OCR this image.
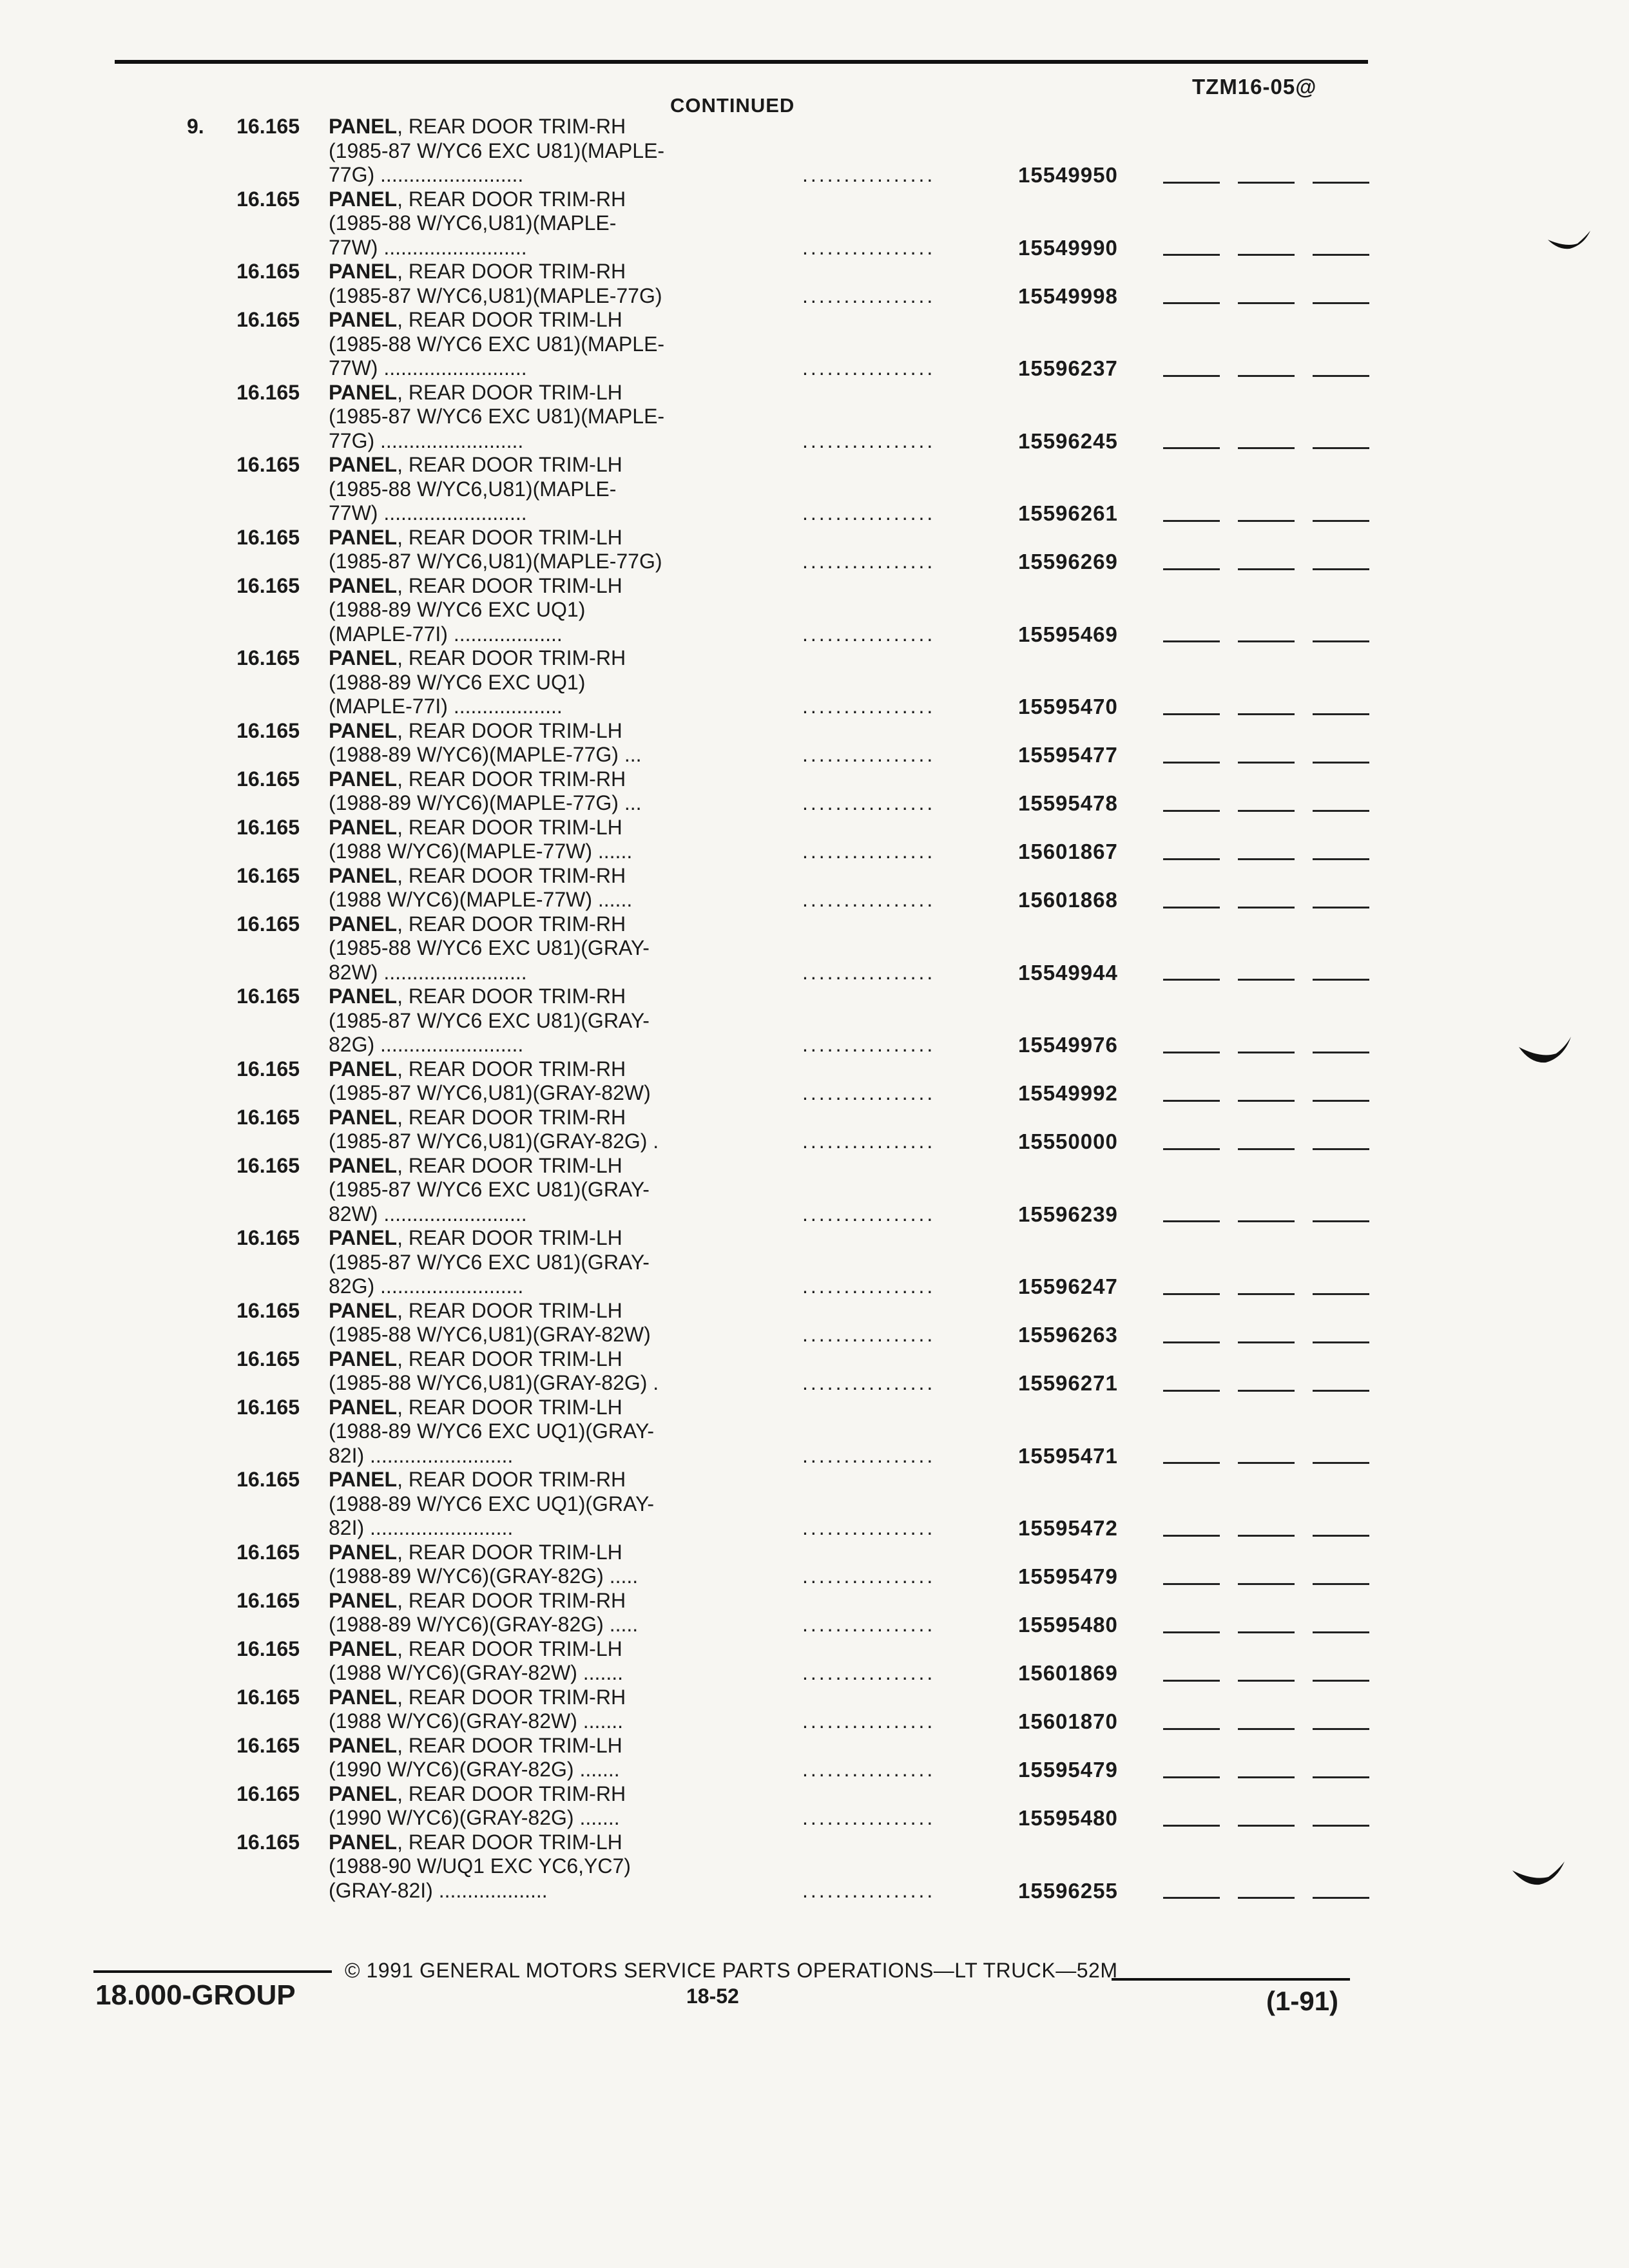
CONTINUED
TZM16-05@
9.	16.165 PANEL, REAR DOOR TRIM-RH
(1985-87 W/YC6 EXC U81)(MAPLE-
77G) .........................	................	15549950
16.165 PANEL, REAR DOOR TRIM-RH
(1985-88 W/YC6,U81)(MAPLE-
77W) .........................	................	15549990
16.165 PANEL, REAR DOOR TRIM-RH
(1985-87 W/YC6,U81)(MAPLE-77G)	................	15549998
16.165 PANEL, REAR DOOR TRIM-LH
(1985-88 W/YC6 EXC U81)(MAPLE-
77W) .........................	................	15596237
16.165 PANEL, REAR DOOR TRIM-LH
(1985-87 W/YC6 EXC U81)(MAPLE-
77G) .........................	................	15596245
16.165 PANEL, REAR DOOR TRIM-LH
(1985-88 W/YC6,U81)(MAPLE-
77W) .........................	................	15596261
16.165 PANEL, REAR DOOR TRIM-LH
(1985-87 W/YC6,U81)(MAPLE-77G)	................	15596269
16.165 PANEL, REAR DOOR TRIM-LH
(1988-89 W/YC6 EXC UQ1)
(MAPLE-77I) ...................	................	15595469
16.165 PANEL, REAR DOOR TRIM-RH
(1988-89 W/YC6 EXC UQ1)
(MAPLE-77I) ...................	................	15595470
16.165 PANEL, REAR DOOR TRIM-LH
(1988-89 W/YC6)(MAPLE-77G) ...	................	15595477
16.165 PANEL, REAR DOOR TRIM-RH
(1988-89 W/YC6)(MAPLE-77G) ...	................	15595478
16.165 PANEL, REAR DOOR TRIM-LH
(1988 W/YC6)(MAPLE-77W) ......	................	15601867
16.165 PANEL, REAR DOOR TRIM-RH
(1988 W/YC6)(MAPLE-77W) ......	................	15601868
16.165 PANEL, REAR DOOR TRIM-RH
(1985-88 W/YC6 EXC U81)(GRAY-
82W) .........................	................	15549944
16.165 PANEL, REAR DOOR TRIM-RH
(1985-87 W/YC6 EXC U81)(GRAY-
82G) .........................	................	15549976
16.165 PANEL, REAR DOOR TRIM-RH
(1985-87 W/YC6,U81)(GRAY-82W)	................	15549992
16.165 PANEL, REAR DOOR TRIM-RH
(1985-87 W/YC6,U81)(GRAY-82G) .	................	15550000
16.165 PANEL, REAR DOOR TRIM-LH
(1985-87 W/YC6 EXC U81)(GRAY-
82W) .........................	................	15596239
16.165 PANEL, REAR DOOR TRIM-LH
(1985-87 W/YC6 EXC U81)(GRAY-
82G) .........................	................	15596247
16.165 PANEL, REAR DOOR TRIM-LH
(1985-88 W/YC6,U81)(GRAY-82W)	................	15596263
16.165 PANEL, REAR DOOR TRIM-LH
(1985-88 W/YC6,U81)(GRAY-82G) .	................	15596271
16.165 PANEL, REAR DOOR TRIM-LH
(1988-89 W/YC6 EXC UQ1)(GRAY-
82I) .........................	................	15595471
16.165 PANEL, REAR DOOR TRIM-RH
(1988-89 W/YC6 EXC UQ1)(GRAY-
82I) .........................	................	15595472
16.165 PANEL, REAR DOOR TRIM-LH
(1988-89 W/YC6)(GRAY-82G) .....	................	15595479
16.165 PANEL, REAR DOOR TRIM-RH
(1988-89 W/YC6)(GRAY-82G) .....	................	15595480
16.165 PANEL, REAR DOOR TRIM-LH
(1988 W/YC6)(GRAY-82W) .......	................	15601869
16.165 PANEL, REAR DOOR TRIM-RH
(1988 W/YC6)(GRAY-82W) .......	................	15601870
16.165 PANEL, REAR DOOR TRIM-LH
(1990 W/YC6)(GRAY-82G) .......	................	15595479
16.165 PANEL, REAR DOOR TRIM-RH
(1990 W/YC6)(GRAY-82G) .......	................	15595480
16.165 PANEL, REAR DOOR TRIM-LH
(1988-90 W/UQ1 EXC YC6,YC7)
(GRAY-82I) ...................	................	15596255
© 1991 GENERAL MOTORS SERVICE PARTS OPERATIONS—LT TRUCK—52M
18.000-GROUP	18-52	(1-91)
